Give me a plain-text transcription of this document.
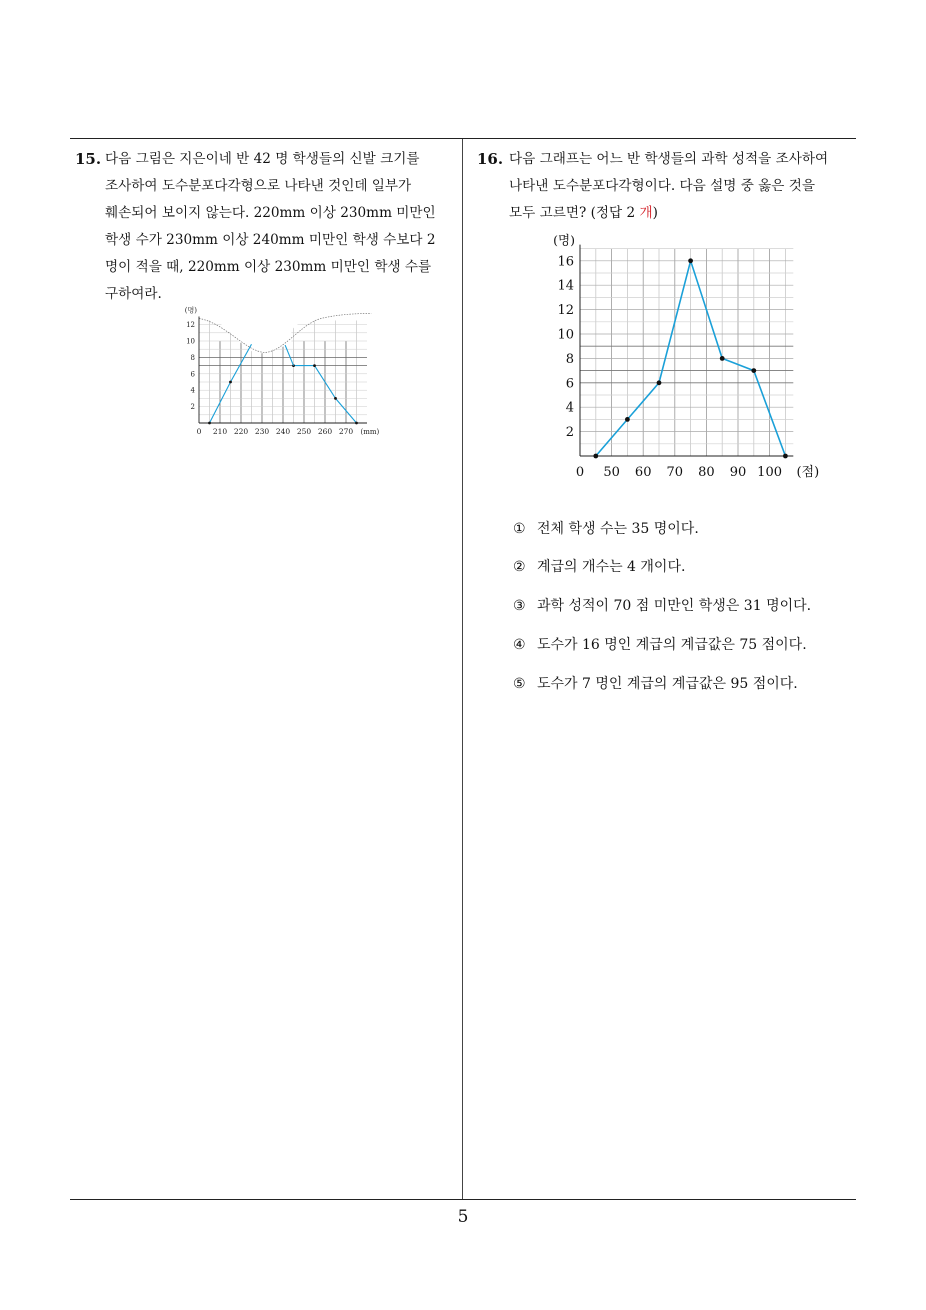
15. 다음 그림은 지은이네 반 42 명 학생들의 신발 크기를
조사하여 도수분포다각형으로 나타낸 것인데 일부가
훼손되어 보이지 않는다. 220mm 이상 230mm 미만인
학생 수가 230mm 이상 240mm 미만인 학생 수보다 2
명이 적을 때, 220mm 이상 230mm 미만인 학생 수를
구하여라.
2
4
6
8
10
12
210 220 230 240 250 260 270
0
(명)
(mm)
16. 다음 그래프는 어느 반 학생들의 과학 성적을 조사하여
나타낸 도수분포다각형이다. 다음 설명 중 옳은 것을
모두 고르면? (정답 2 개)
2
4
6
8
10
12
14
16
50 60 70 80 90 100
0
(명)
(점)
① 전체 학생 수는 35 명이다.
② 계급의 개수는 4 개이다.
③ 과학 성적이 70 점 미만인 학생은 31 명이다.
④ 도수가 16 명인 계급의 계급값은 75 점이다.
⑤ 도수가 7 명인 계급의 계급값은 95 점이다.
5
